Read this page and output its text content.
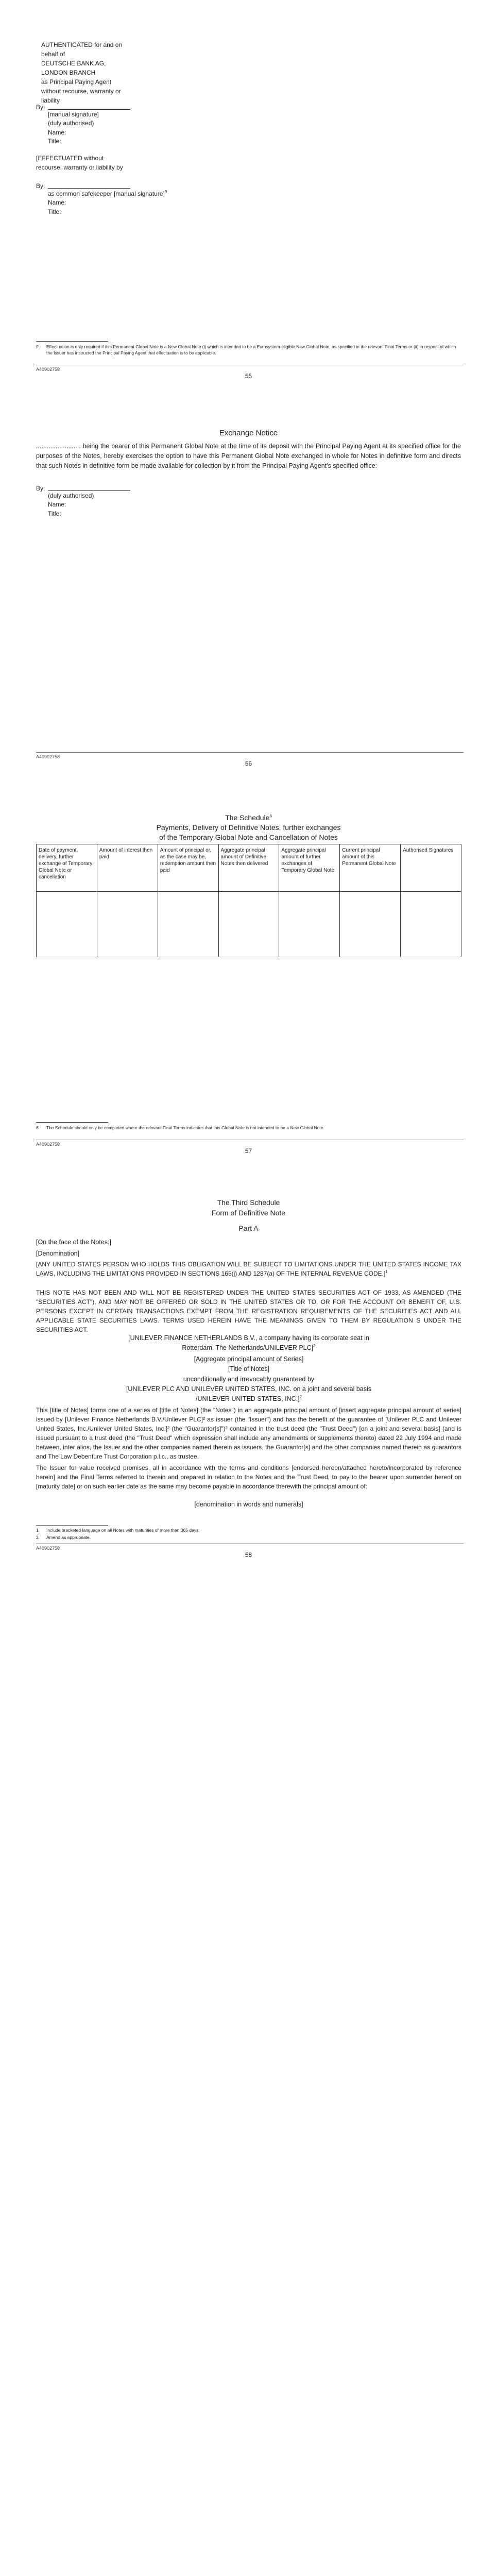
AUTHENTICATED for and on
behalf of
DEUTSCHE BANK AG,
LONDON BRANCH
as Principal Paying Agent
without recourse, warranty or
liability
By:
[manual signature]
(duly authorised)
Name:
Title:
[EFFECTUATED without
recourse, warranty or liability by
By:
as common safekeeper [manual signature]$^9$
Name:
Title:
9 Effectuation is only required if this Permanent Global Note is a New Global Note (i) which is intended to be a Eurosystem-eligible New Global Note, as specified in the relevant Final Terms or (ii) in respect of which the Issuer has instructed the Principal Paying Agent that effectuation is to be applicable.
A40902758
55
Exchange Notice
......................... being the bearer of this Permanent Global Note at the time of its deposit with the Principal Paying Agent at its specified office for the purposes of the Notes, hereby exercises the option to have this Permanent Global Note exchanged in whole for Notes in definitive form and directs that such Notes in definitive form be made available for collection by it from the Principal Paying Agent's specified office:
By:
(duly authorised)
Name:
Title:
A40902758
56
The Schedule$^6$
Payments, Delivery of Definitive Notes, further exchanges
of the Temporary Global Note and Cancellation of Notes
Date of payment, delivery, further exchange of Temporary Global Note or cancellation	Amount of interest then paid	Amount of principal or, as the case may be, redemption amount then paid	Aggregate principal amount of Definitive Notes then delivered	Aggregate principal amount of further exchanges of Temporary Global Note	Current principal amount of this Permanent Global Note	Authorised Signatures

6 The Schedule should only be completed where the relevant Final Terms indicates that this Global Note is not intended to be a New Global Note.
A40902758
57
The Third Schedule
Form of Definitive Note
Part A
[On the face of the Notes:]
[Denomination]
[ANY UNITED STATES PERSON WHO HOLDS THIS OBLIGATION WILL BE SUBJECT TO LIMITATIONS UNDER THE UNITED STATES INCOME TAX LAWS, INCLUDING THE LIMITATIONS PROVIDED IN SECTIONS 165(j) AND 1287(a) OF THE INTERNAL REVENUE CODE.]$^1$
THIS NOTE HAS NOT BEEN AND WILL NOT BE REGISTERED UNDER THE UNITED STATES SECURITIES ACT OF 1933, AS AMENDED (THE "SECURITIES ACT"), AND MAY NOT BE OFFERED OR SOLD IN THE UNITED STATES OR TO, OR FOR THE ACCOUNT OR BENEFIT OF, U.S. PERSONS EXCEPT IN CERTAIN TRANSACTIONS EXEMPT FROM THE REGISTRATION REQUIREMENTS OF THE SECURITIES ACT AND ALL APPLICABLE STATE SECURITIES LAWS. TERMS USED HEREIN HAVE THE MEANINGS GIVEN TO THEM BY REGULATION S UNDER THE SECURITIES ACT.
[UNILEVER FINANCE NETHERLANDS B.V., a company having its corporate seat in
Rotterdam, The Netherlands/UNILEVER PLC]$^2$
[Aggregate principal amount of Series]
[Title of Notes]
unconditionally and irrevocably guaranteed by
[UNILEVER PLC AND UNILEVER UNITED STATES, INC. on a joint and several basis
/UNILEVER UNITED STATES, INC.]$^2$
This [title of Notes] forms one of a series of [title of Notes] (the "Notes") in an aggregate principal amount of [insert aggregate principal amount of series] issued by [Unilever Finance Netherlands B.V./Unilever PLC]² as issuer (the "Issuer") and has the benefit of the guarantee of [Unilever PLC and Unilever United States, Inc./Unilever United States, Inc.]² (the "Guarantor[s]")² contained in the trust deed (the "Trust Deed") [on a joint and several basis] (and is issued pursuant to a trust deed (the "Trust Deed" which expression shall include any amendments or supplements thereto) dated 22 July 1994 and made between, inter alios, the Issuer and the other companies named therein as issuers, the Guarantor[s] and the other companies named therein as guarantors and The Law Debenture Trust Corporation p.l.c., as trustee.
The Issuer for value received promises, all in accordance with the terms and conditions [endorsed hereon/attached hereto/incorporated by reference herein] and the Final Terms referred to therein and prepared in relation to the Notes and the Trust Deed, to pay to the bearer upon surrender hereof on [maturity date] or on such earlier date as the same may become payable in accordance therewith the principal amount of:
[denomination in words and numerals]
1 Include bracketed language on all Notes with maturities of more than 365 days.
2 Amend as appropriate.
A40902758
58
